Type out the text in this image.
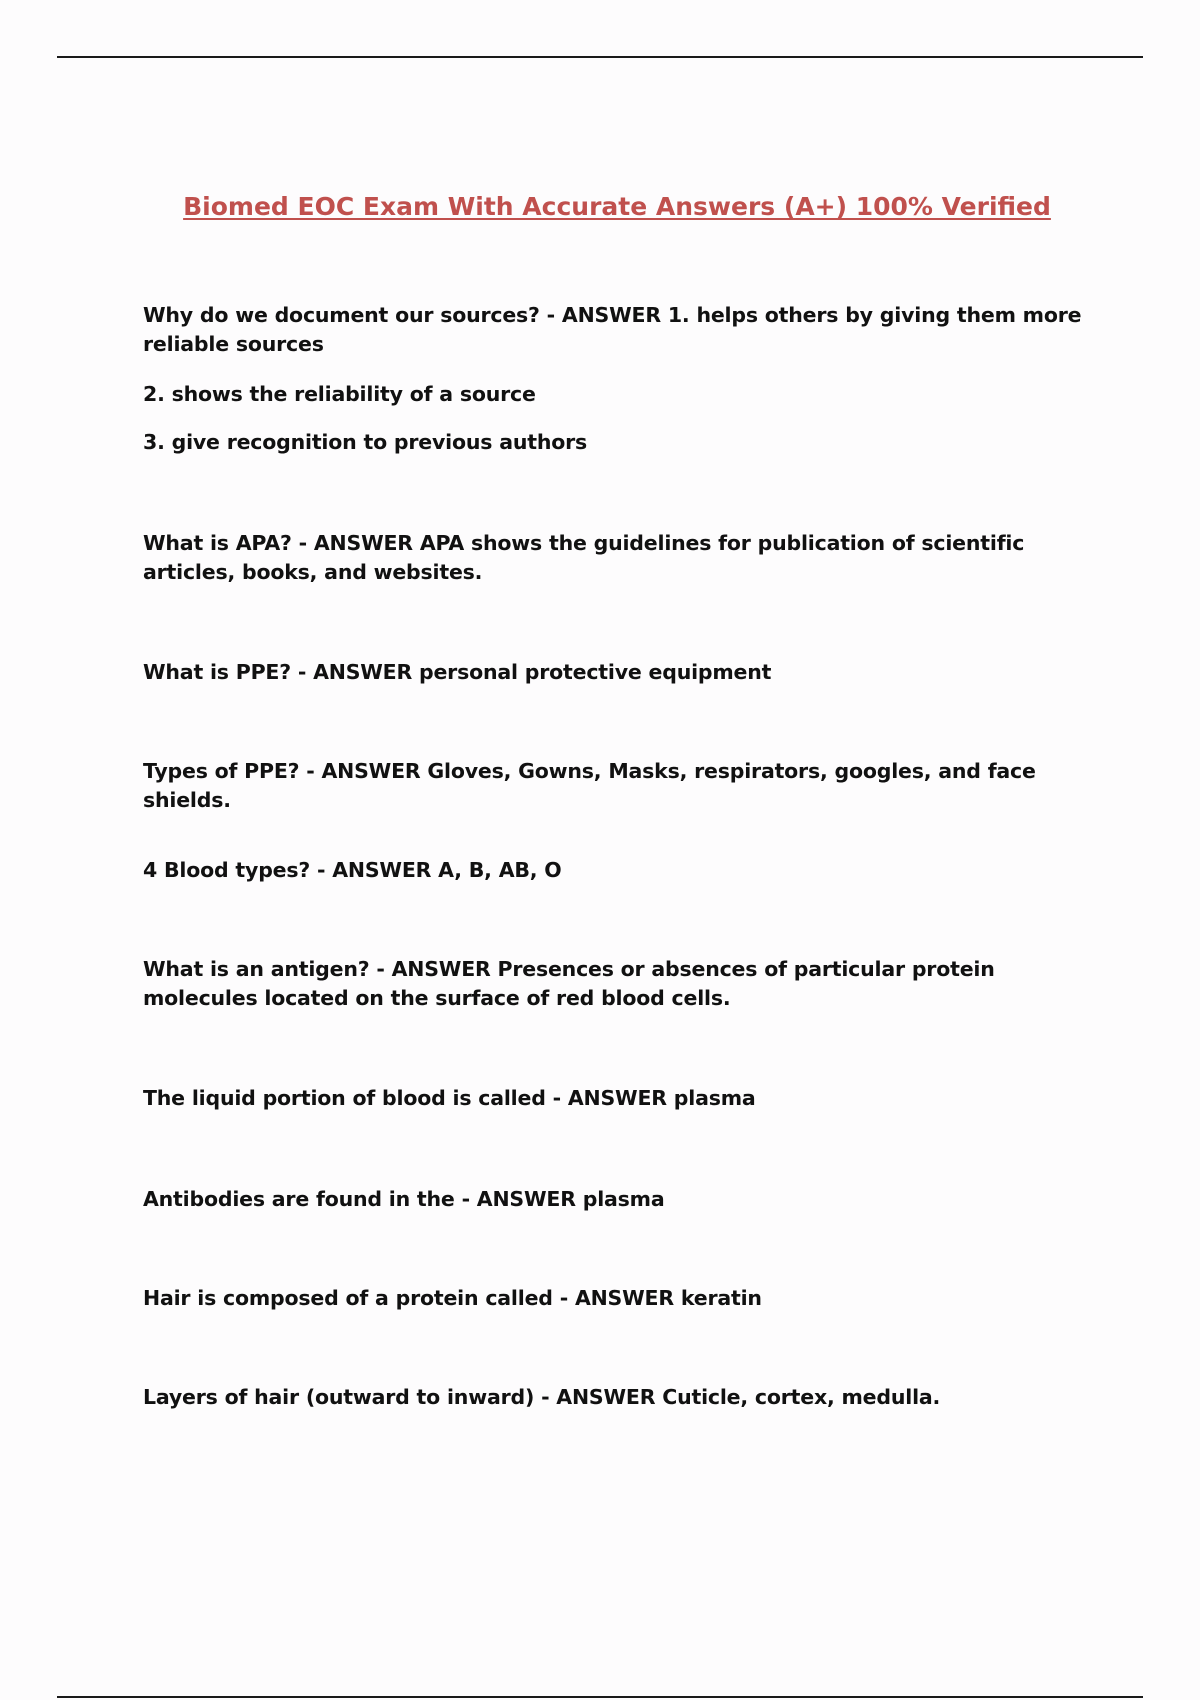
Biomed EOC Exam With Accurate Answers (A+) 100% Verified

Why do we document our sources? - ANSWER 1. helps others by giving them more reliable sources

2. shows the reliability of a source

3. give recognition to previous authors

What is APA? - ANSWER APA shows the guidelines for publication of scientific articles, books, and websites.

What is PPE? - ANSWER personal protective equipment

Types of PPE? - ANSWER Gloves, Gowns, Masks, respirators, googles, and face shields.

4 Blood types? - ANSWER A, B, AB, O

What is an antigen? - ANSWER Presences or absences of particular protein molecules located on the surface of red blood cells.

The liquid portion of blood is called - ANSWER plasma

Antibodies are found in the - ANSWER plasma

Hair is composed of a protein called - ANSWER keratin

Layers of hair (outward to inward) - ANSWER Cuticle, cortex, medulla.
